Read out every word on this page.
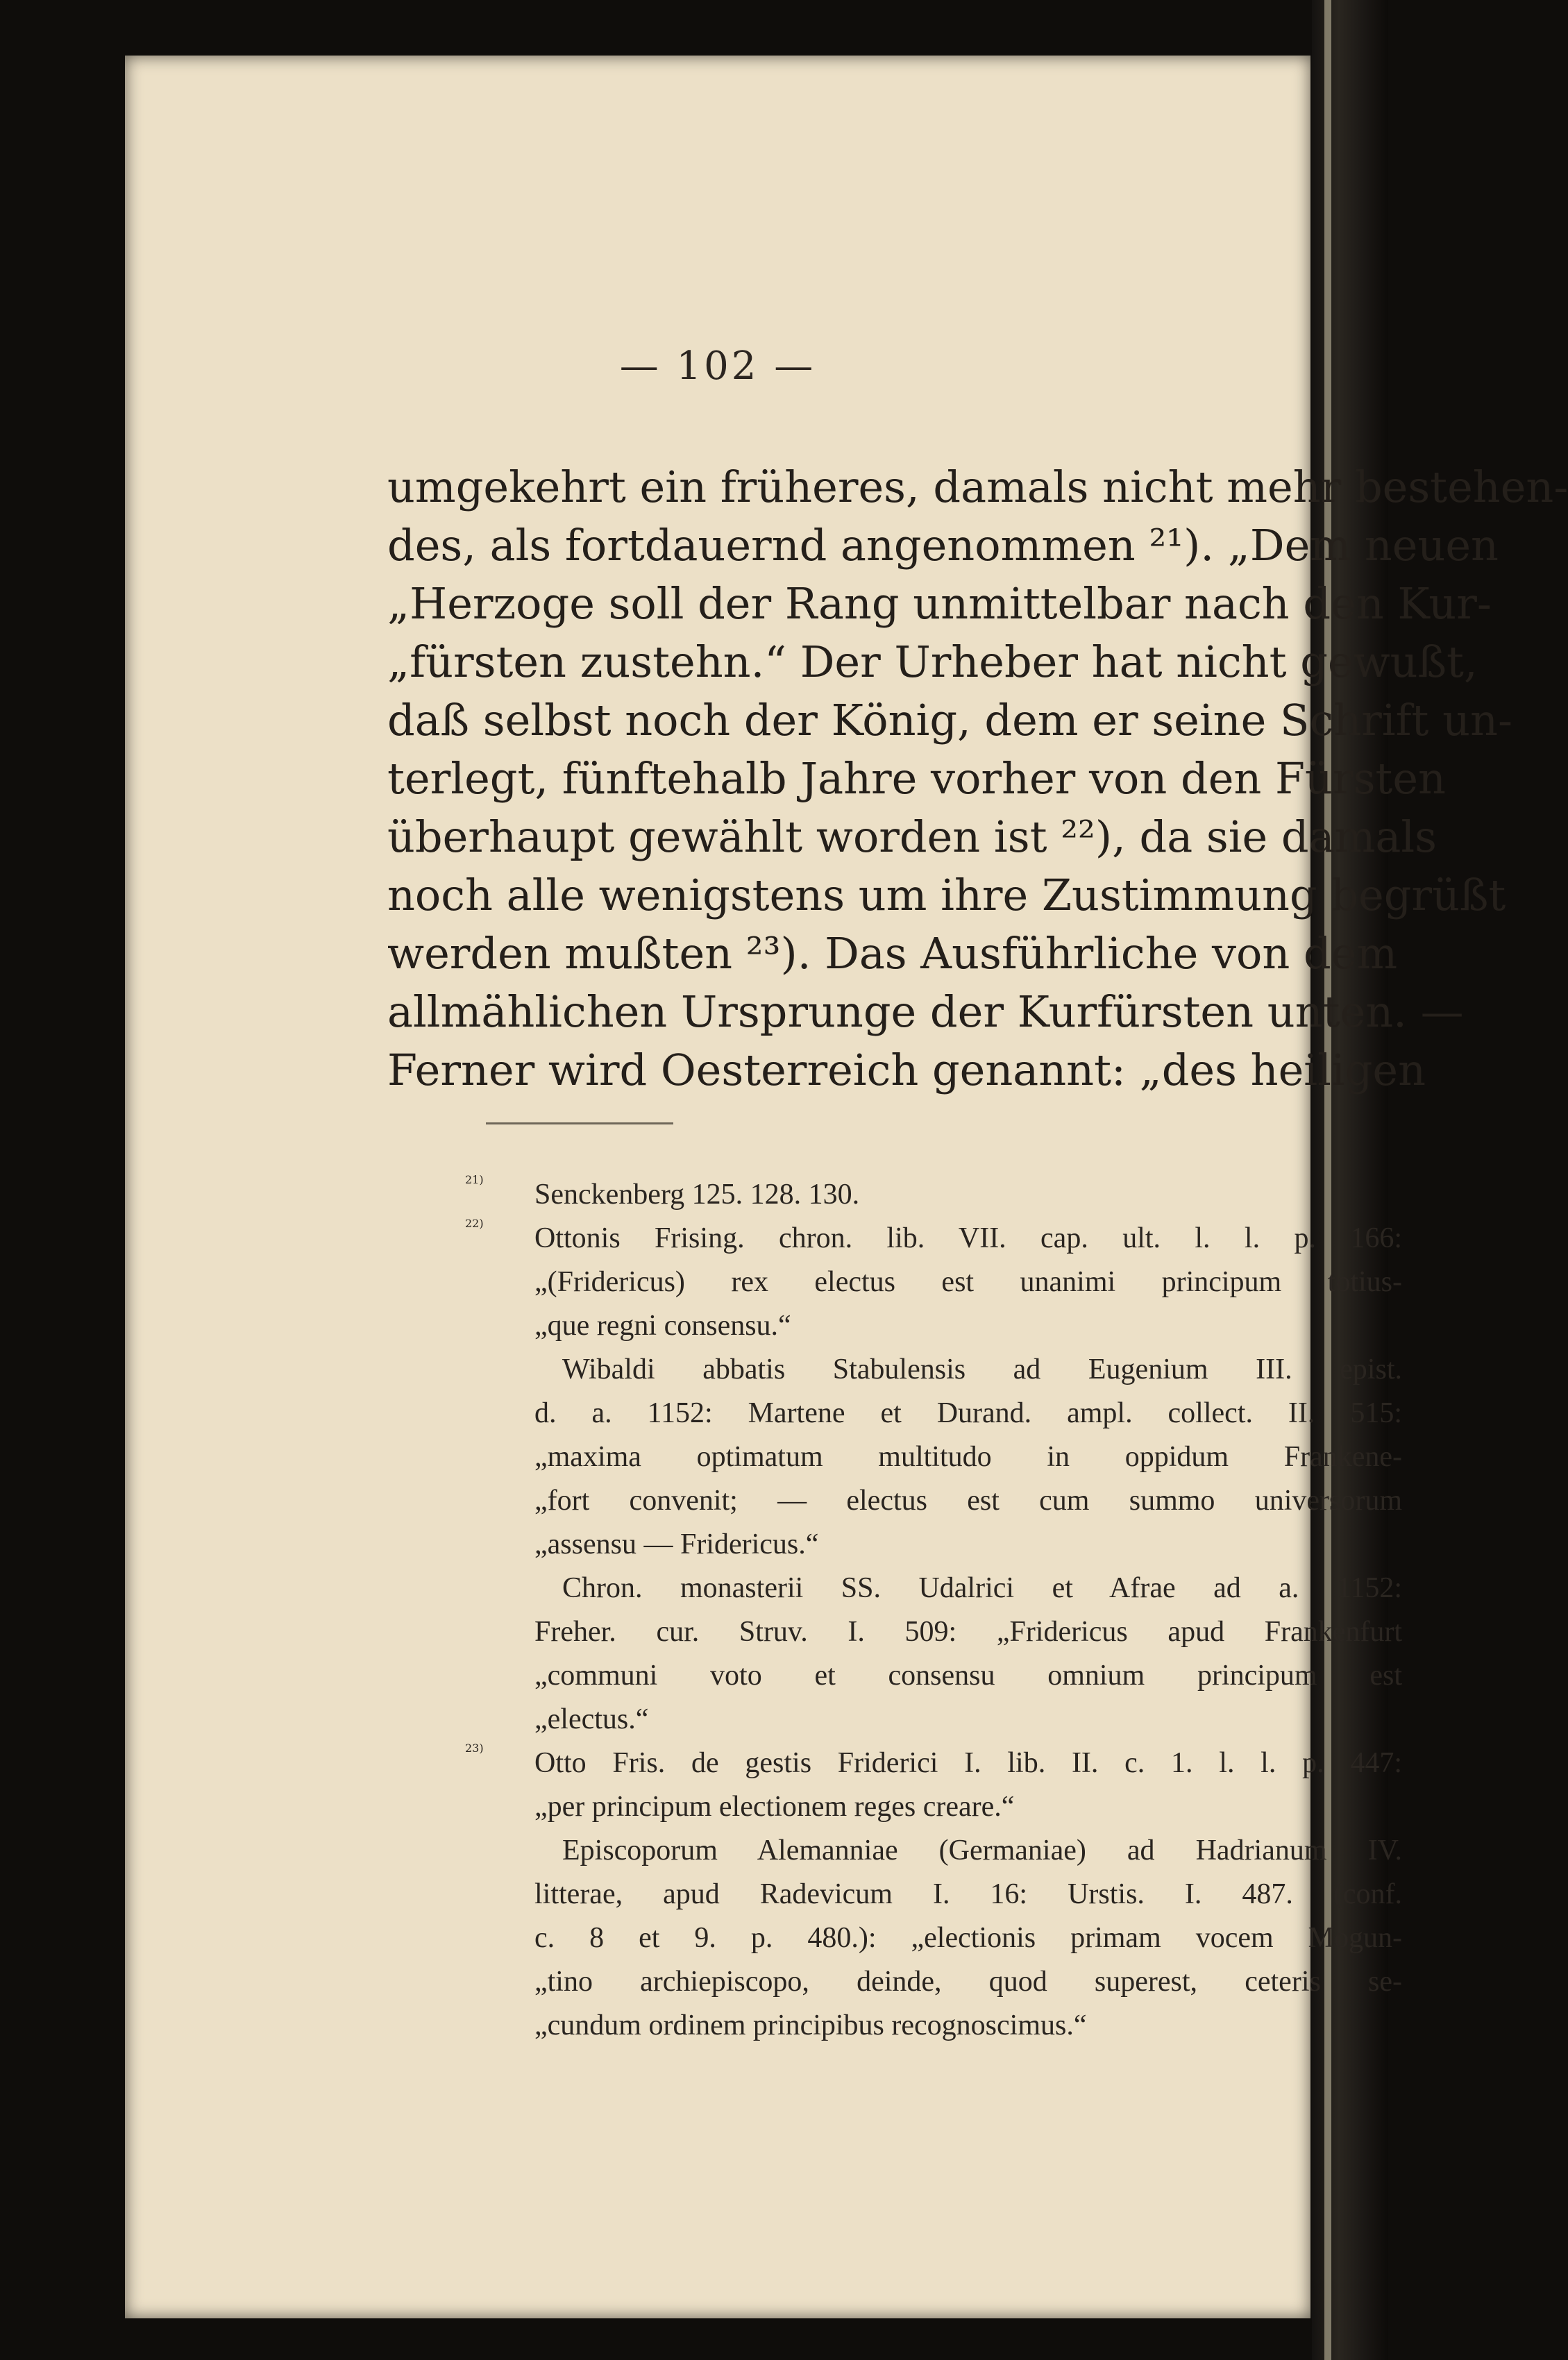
— 102 —
umgekehrt ein früheres, damals nicht mehr bestehen-
des, als fortdauernd angenommen ²¹). „Dem neuen
„Herzoge soll der Rang unmittelbar nach den Kur-
„fürsten zustehn.“ Der Urheber hat nicht gewußt,
daß selbst noch der König, dem er seine Schrift un-
terlegt, fünftehalb Jahre vorher von den Fürsten
überhaupt gewählt worden ist ²²), da sie damals
noch alle wenigstens um ihre Zustimmung begrüßt
werden mußten ²³). Das Ausführliche von dem
allmählichen Ursprunge der Kurfürsten unten. —
Ferner wird Oesterreich genannt: „des heiligen
21)	Senckenberg 125. 128. 130.
22)	Ottonis Frising. chron. lib. VII. cap. ult. l. l. p. 166:
„(Fridericus) rex electus est unanimi principum totius-
„que regni consensu.“
Wibaldi abbatis Stabulensis ad Eugenium III. epist.
d. a. 1152: Martene et Durand. ampl. collect. II. 515:
„maxima optimatum multitudo in oppidum Frankene-
„fort convenit; — electus est cum summo universorum
„assensu — Fridericus.“
Chron. monasterii SS. Udalrici et Afrae ad a. 1152:
Freher. cur. Struv. I. 509: „Fridericus apud Frankenfurt
„communi voto et consensu omnium principum est
„electus.“
23)	Otto Fris. de gestis Friderici I. lib. II. c. 1. l. l. p. 447:
„per principum electionem reges creare.“
Episcoporum Alemanniae (Germaniae) ad Hadrianum IV.
litterae, apud Radevicum I. 16: Urstis. I. 487. (conf.
c. 8 et 9. p. 480.): „electionis primam vocem Mogun-
„tino archiepiscopo, deinde, quod superest, ceteris se-
„cundum ordinem principibus recognoscimus.“
